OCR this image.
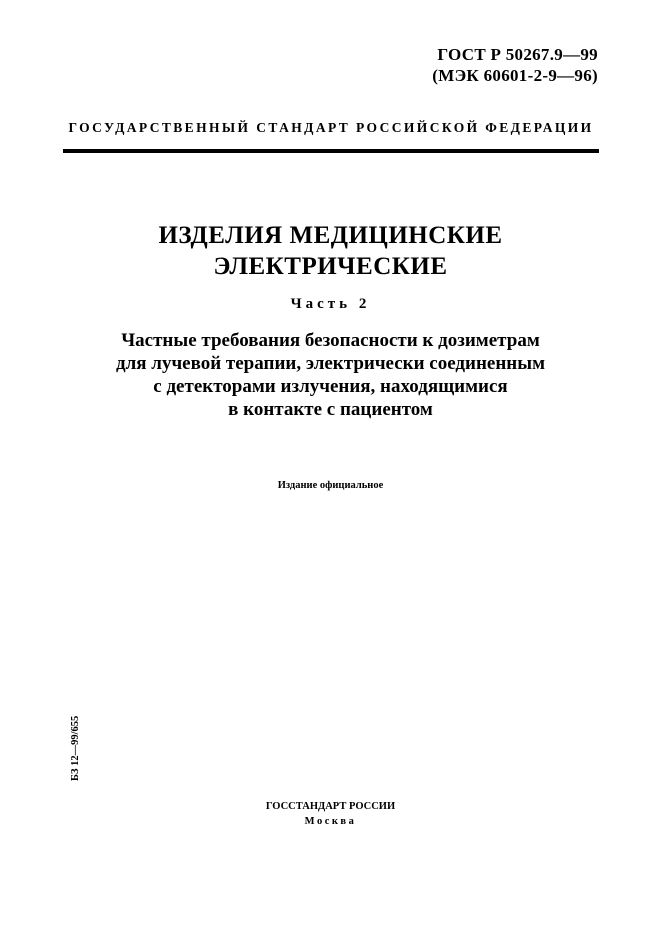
ГОСТ Р 50267.9—99
(МЭК 60601-2-9—96)
ГОСУДАРСТВЕННЫЙ СТАНДАРТ РОССИЙСКОЙ ФЕДЕРАЦИИ
ИЗДЕЛИЯ МЕДИЦИНСКИЕ
ЭЛЕКТРИЧЕСКИЕ
Часть 2
Частные требования безопасности к дозиметрам
для лучевой терапии, электрически соединенным
с детекторами излучения, находящимися
в контакте с пациентом
Издание официальное
БЗ 12—99/655
ГОССТАНДАРТ РОССИИ
Москва
